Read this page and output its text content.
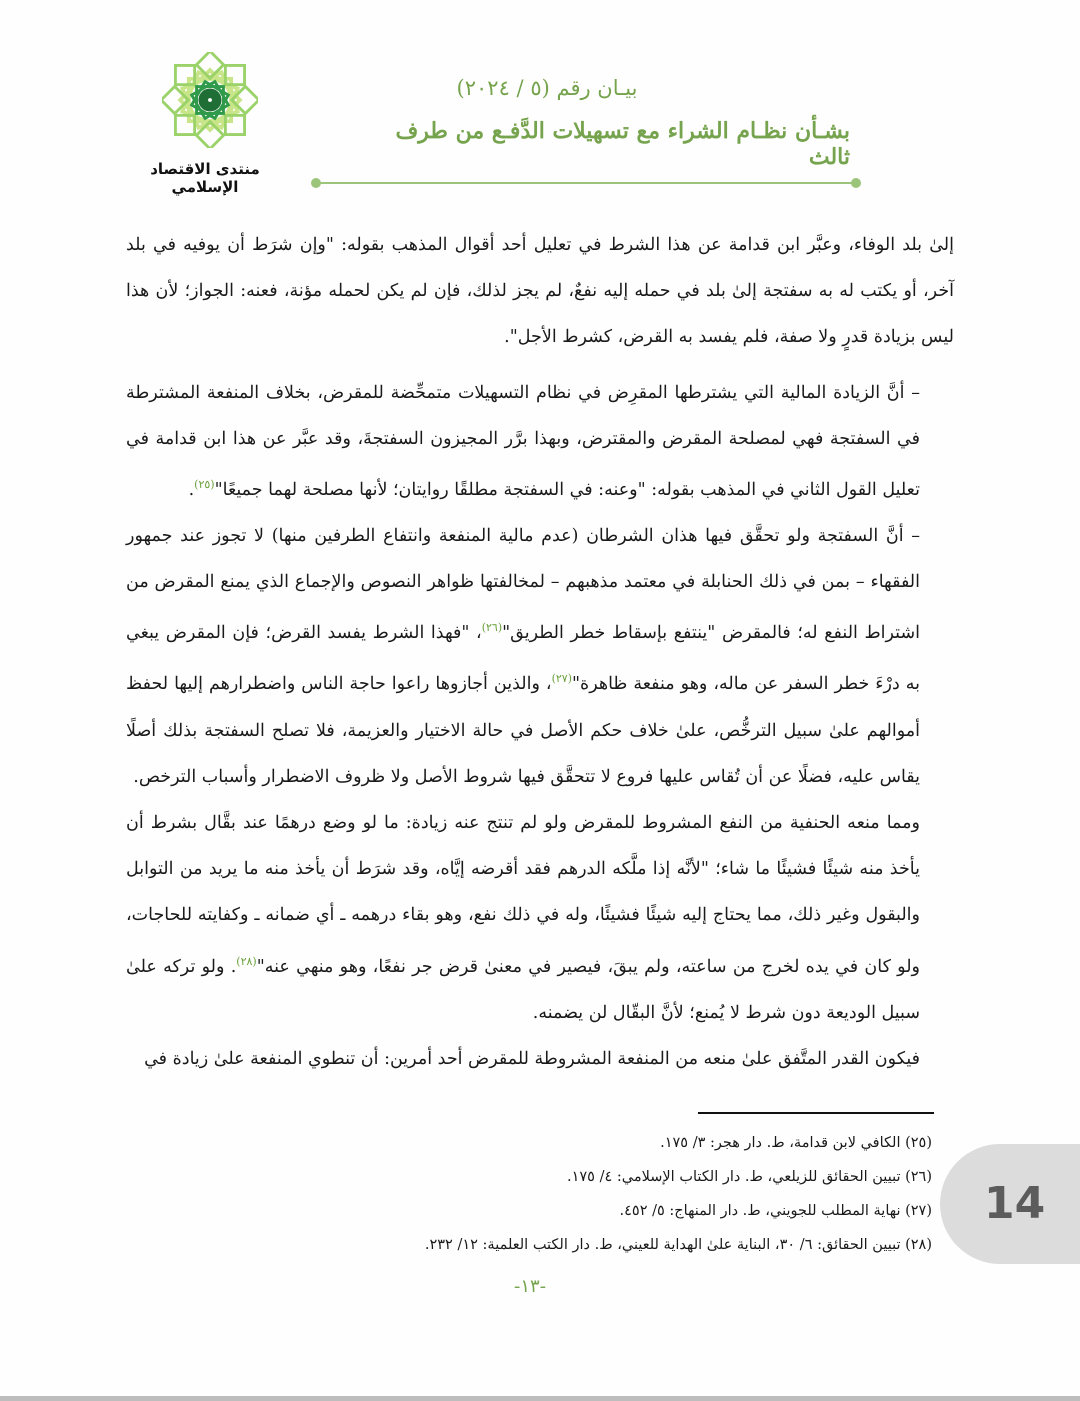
14
منتدى الاقتصاد الإسلامي
بيـان رقم (٥ / ٢٠٢٤)
بشـأن نظـام الشراء مع تسهيلات الدَّفـع من طرف ثالث

إلىٰ بلد الوفاء، وعبَّر ابن قدامة عن هذا الشرط في تعليل أحد أقوال المذهب بقوله: "وإن شرَط أن يوفيه في بلد آخر، أو يكتب له به سفتجة إلىٰ بلد في حمله إليه نفعٌ، لم يجز لذلك، فإن لم يكن لحمله مؤنة، فعنه: الجواز؛ لأن هذا ليس بزيادة قدرٍ ولا صفة، فلم يفسد به القرض، كشرط الأجل".

– أنَّ الزيادة المالية التي يشترطها المقرِض في نظام التسهيلات متمحِّضة للمقرض، بخلاف المنفعة المشترطة في السفتجة فهي لمصلحة المقرض والمقترض، وبهذا برَّر المجيزون السفتجةَ، وقد عبَّر عن هذا ابن قدامة في تعليل القول الثاني في المذهب بقوله: "وعنه: في السفتجة مطلقًا روايتان؛ لأنها مصلحة لهما جميعًا"$^{(٢٥)}$.

– أنَّ السفتجة ولو تحقَّق فيها هذان الشرطان (عدم مالية المنفعة وانتفاع الطرفين منها) لا تجوز عند جمهور الفقهاء – بمن في ذلك الحنابلة في معتمد مذهبهم – لمخالفتها ظواهر النصوص والإجماع الذي يمنع المقرض من اشتراط النفع له؛ فالمقرض "ينتفع بإسقاط خطر الطريق"$^{(٢٦)}$، "فهذا الشرط يفسد القرض؛ فإن المقرض يبغي به درْءَ خطر السفر عن ماله، وهو منفعة ظاهرة"$^{(٢٧)}$، والذين أجازوها راعوا حاجة الناس واضطرارهم إليها لحفظ أموالهم علىٰ سبيل الترخُّص، علىٰ خلاف حكم الأصل في حالة الاختيار والعزيمة، فلا تصلح السفتجة بذلك أصلًا يقاس عليه، فضلًا عن أن تُقاس عليها فروع لا تتحقَّق فيها شروط الأصل ولا ظروف الاضطرار وأسباب الترخص.

ومما منعه الحنفية من النفع المشروط للمقرض ولو لم تنتج عنه زيادة: ما لو وضع درهمًا عند بقَّال بشرط أن يأخذ منه شيئًا فشيئًا ما شاء؛ "لأنَّه إذا ملَّكه الدرهم فقد أقرضه إيَّاه، وقد شرَط أن يأخذ منه ما يريد من التوابل والبقول وغير ذلك، مما يحتاج إليه شيئًا فشيئًا، وله في ذلك نفع، وهو بقاء درهمه ـ أي ضمانه ـ وكفايته للحاجات، ولو كان في يده لخرج من ساعته، ولم يبقَ، فيصير في معنىٰ قرض جر نفعًا، وهو منهي عنه"$^{(٢٨)}$. ولو تركه علىٰ سبيل الوديعة دون شرط لا يُمنع؛ لأنَّ البقّال لن يضمنه.

فيكون القدر المتَّفق علىٰ منعه من المنفعة المشروطة للمقرض أحد أمرين: أن تنطوي المنفعة علىٰ زيادة في

(٢٥) الكافي لابن قدامة، ط. دار هجر: ٣/ ١٧٥.

(٢٦) تبيين الحقائق للزيلعي، ط. دار الكتاب الإسلامي: ٤/ ١٧٥.

(٢٧) نهاية المطلب للجويني، ط. دار المنهاج: ٥/ ٤٥٢.

(٢٨) تبيين الحقائق: ٦/ ٣٠، البناية علىٰ الهداية للعيني، ط. دار الكتب العلمية: ١٢/ ٢٣٢.

-١٣-
